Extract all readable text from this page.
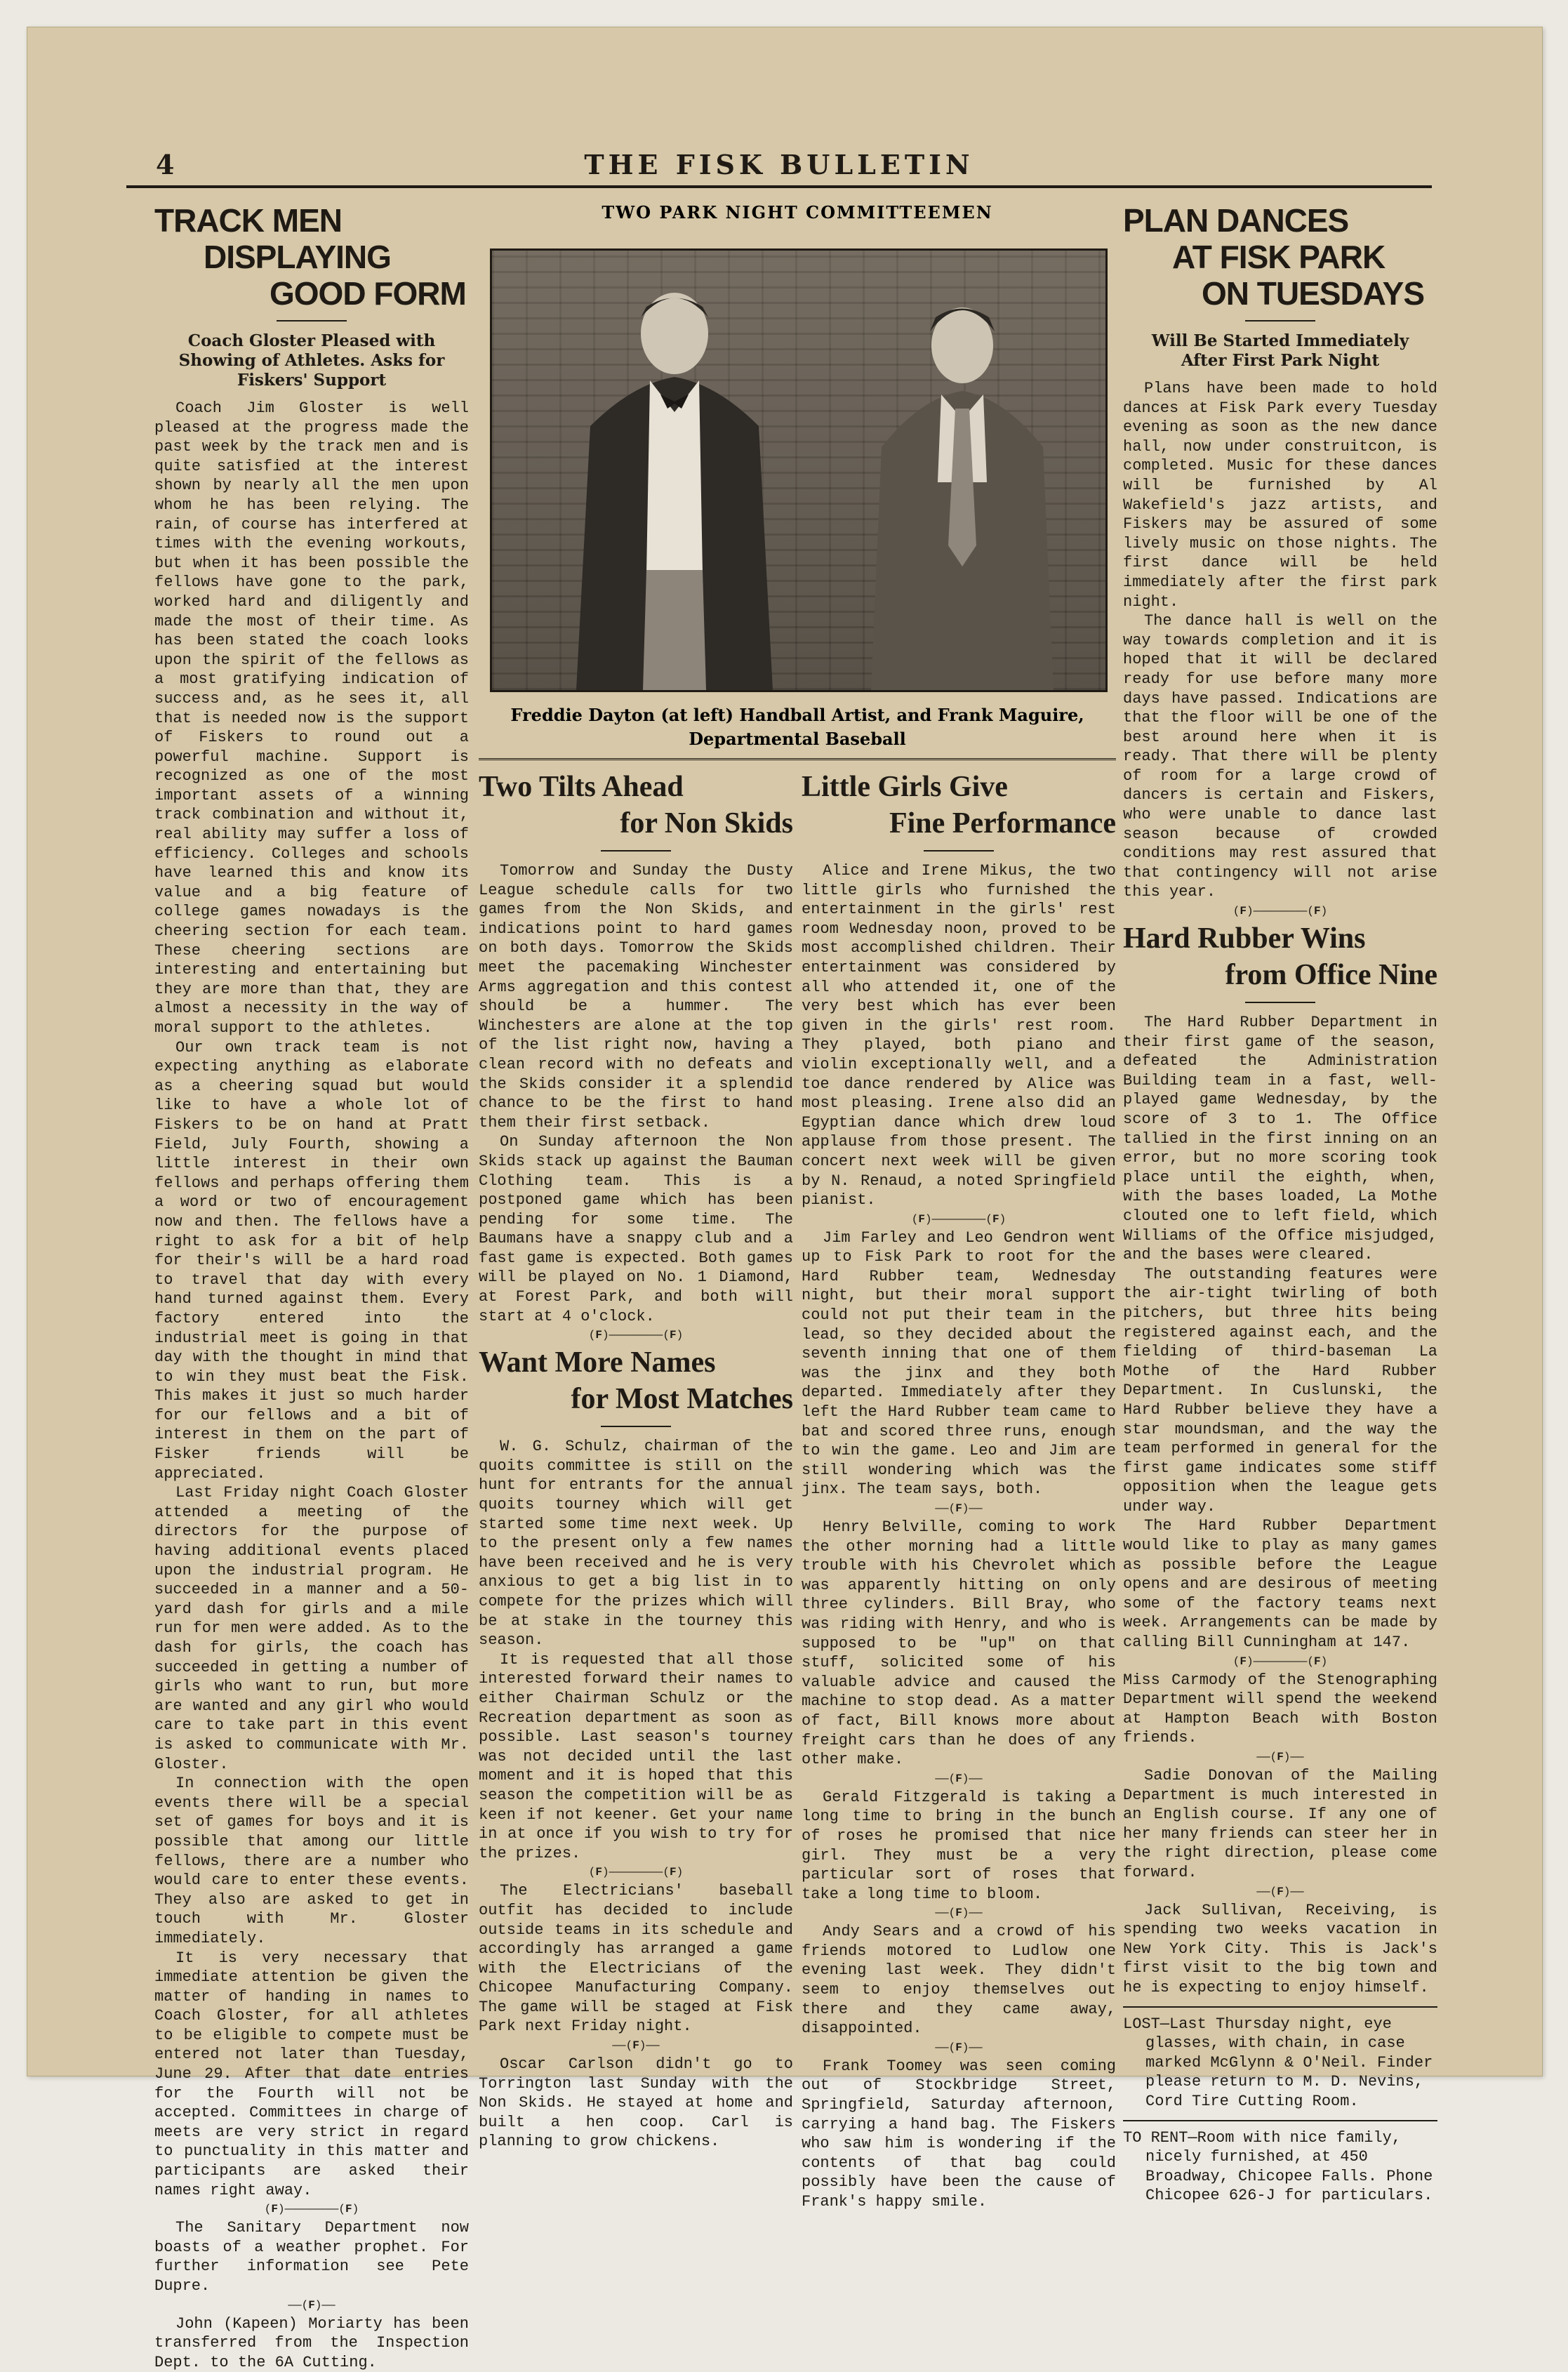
4	THE FISK BULLETIN
TRACK MEN
DISPLAYING
GOOD FORM
Coach Gloster Pleased with Showing of Athletes. Asks for Fiskers' Support

Coach Jim Gloster is well pleased at the progress made the past week by the track men and is quite satisfied at the interest shown by nearly all the men upon whom he has been relying. The rain, of course has interfered at times with the evening workouts, but when it has been possible the fellows have gone to the park, worked hard and diligently and made the most of their time. As has been stated the coach looks upon the spirit of the fellows as a most gratifying indication of success and, as he sees it, all that is needed now is the support of Fiskers to round out a powerful machine. Support is recognized as one of the most important assets of a winning track combination and without it, real ability may suffer a loss of efficiency. Colleges and schools have learned this and know its value and a big feature of college games nowadays is the cheering section for each team. These cheering sections are interesting and entertaining but they are more than that, they are almost a necessity in the way of moral support to the athletes.

Our own track team is not expecting anything as elaborate as a cheering squad but would like to have a whole lot of Fiskers to be on hand at Pratt Field, July Fourth, showing a little interest in their own fellows and perhaps offering them a word or two of encouragement now and then. The fellows have a right to ask for a bit of help for their's will be a hard road to travel that day with every hand turned against them. Every factory entered into the industrial meet is going in that day with the thought in mind that to win they must beat the Fisk. This makes it just so much harder for our fellows and a bit of interest in them on the part of Fisker friends will be appreciated.

Last Friday night Coach Gloster attended a meeting of the directors for the purpose of having additional events placed upon the industrial program. He succeeded in a manner and a 50-yard dash for girls and a mile run for men were added. As to the dash for girls, the coach has succeeded in getting a number of girls who want to run, but more are wanted and any girl who would care to take part in this event is asked to communicate with Mr. Gloster.

In connection with the open events there will be a special set of games for boys and it is possible that among our little fellows, there are a number who would care to enter these events. They also are asked to get in touch with Mr. Gloster immediately.

It is very necessary that immediate attention be given the matter of handing in names to Coach Gloster, for all athletes to be eligible to compete must be entered not later than Tuesday, June 29. After that date entries for the Fourth will not be accepted. Committees in charge of meets are very strict in regard to punctuality in this matter and participants are asked their names right away.

(F)————————(F)

The Sanitary Department now boasts of a weather prophet. For further information see Pete Dupre.

——(F)——

John (Kapeen) Moriarty has been transferred from the Inspection Dept. to the 6A Cutting.

TWO PARK NIGHT COMMITTEEMEN
Freddie Dayton (at left) Handball Artist, and Frank Maguire,
Departmental Baseball
Two Tilts Ahead
for Non Skids

Tomorrow and Sunday the Dusty League schedule calls for two games from the Non Skids, and indications point to hard games on both days. Tomorrow the Skids meet the pacemaking Winchester Arms aggregation and this contest should be a hummer. The Winchesters are alone at the top of the list right now, having a clean record with no defeats and the Skids consider it a splendid chance to be the first to hand them their first setback.

On Sunday afternoon the Non Skids stack up against the Bauman Clothing team. This is a postponed game which has been pending for some time. The Baumans have a snappy club and a fast game is expected. Both games will be played on No. 1 Diamond, at Forest Park, and both will start at 4 o'clock.

(F)————————(F)
Want More Names
for Most Matches

W. G. Schulz, chairman of the quoits committee is still on the hunt for entrants for the annual quoits tourney which will get started some time next week. Up to the present only a few names have been received and he is very anxious to get a big list in to compete for the prizes which will be at stake in the tourney this season.

It is requested that all those interested forward their names to either Chairman Schulz or the Recreation department as soon as possible. Last season's tourney was not decided until the last moment and it is hoped that this season the competition will be as keen if not keener. Get your name in at once if you wish to try for the prizes.

(F)————————(F)

The Electricians' baseball outfit has decided to include outside teams in its schedule and accordingly has arranged a game with the Electricians of the Chicopee Manufacturing Company. The game will be staged at Fisk Park next Friday night.

——(F)——

Oscar Carlson didn't go to Torrington last Sunday with the Non Skids. He stayed at home and built a hen coop. Carl is planning to grow chickens.

Little Girls Give
Fine Performance

Alice and Irene Mikus, the two little girls who furnished the entertainment in the girls' rest room Wednesday noon, proved to be most accomplished children. Their entertainment was considered by all who attended it, one of the very best which has ever been given in the girls' rest room. They played, both piano and violin exceptionally well, and a toe dance rendered by Alice was most pleasing. Irene also did an Egyptian dance which drew loud applause from those present. The concert next week will be given by N. Renaud, a noted Springfield pianist.

(F)————————(F)

Jim Farley and Leo Gendron went up to Fisk Park to root for the Hard Rubber team, Wednesday night, but their moral support could not put their team in the lead, so they decided about the seventh inning that one of them was the jinx and they both departed. Immediately after they left the Hard Rubber team came to bat and scored three runs, enough to win the game. Leo and Jim are still wondering which was the jinx. The team says, both.

——(F)——

Henry Belville, coming to work the other morning had a little trouble with his Chevrolet which was apparently hitting on only three cylinders. Bill Bray, who was riding with Henry, and who is supposed to be "up" on that stuff, solicited some of his valuable advice and caused the machine to stop dead. As a matter of fact, Bill knows more about freight cars than he does of any other make.

——(F)——

Gerald Fitzgerald is taking a long time to bring in the bunch of roses he promised that nice girl. They must be a very particular sort of roses that take a long time to bloom.

——(F)——

Andy Sears and a crowd of his friends motored to Ludlow one evening last week. They didn't seem to enjoy themselves out there and they came away, disappointed.

——(F)——

Frank Toomey was seen coming out of Stockbridge Street, Springfield, Saturday afternoon, carrying a hand bag. The Fiskers who saw him is wondering if the contents of that bag could possibly have been the cause of Frank's happy smile.

PLAN DANCES
AT FISK PARK
ON TUESDAYS
Will Be Started Immediately After First Park Night

Plans have been made to hold dances at Fisk Park every Tuesday evening as soon as the new dance hall, now under construitcon, is completed. Music for these dances will be furnished by Al Wakefield's jazz artists, and Fiskers may be assured of some lively music on those nights. The first dance will be held immediately after the first park night.

The dance hall is well on the way towards completion and it is hoped that it will be declared ready for use before many more days have passed. Indications are that the floor will be one of the best around here when it is ready. That there will be plenty of room for a large crowd of dancers is certain and Fiskers, who were unable to dance last season because of crowded conditions may rest assured that that contingency will not arise this year.

(F)————————(F)
Hard Rubber Wins
from Office Nine

The Hard Rubber Department in their first game of the season, defeated the Administration Building team in a fast, well-played game Wednesday, by the score of 3 to 1. The Office tallied in the first inning on an error, but no more scoring took place until the eighth, when, with the bases loaded, La Mothe clouted one to left field, which Williams of the Office misjudged, and the bases were cleared.

The outstanding features were the air-tight twirling of both pitchers, but three hits being registered against each, and the fielding of third-baseman La Mothe of the Hard Rubber Department. In Cuslunski, the Hard Rubber believe they have a star moundsman, and the way the team performed in general for the first game indicates some stiff opposition when the league gets under way.

The Hard Rubber Department would like to play as many games as possible before the League opens and are desirous of meeting some of the factory teams next week. Arrangements can be made by calling Bill Cunningham at 147.

(F)————————(F)

Miss Carmody of the Stenographing Department will spend the weekend at Hampton Beach with Boston friends.

——(F)——

Sadie Donovan of the Mailing Department is much interested in an English course. If any one of her many friends can steer her in the right direction, please come forward.

——(F)——

Jack Sullivan, Receiving, is spending two weeks vacation in New York City. This is Jack's first visit to the big town and he is expecting to enjoy himself.

LOST—Last Thursday night, eye
glasses, with chain, in case marked McGlynn & O'Neil. Finder please return to M. D. Nevins, Cord Tire Cutting Room.
TO RENT—Room with nice family,
nicely furnished, at 450 Broadway, Chicopee Falls. Phone Chicopee 626-J for particulars.
